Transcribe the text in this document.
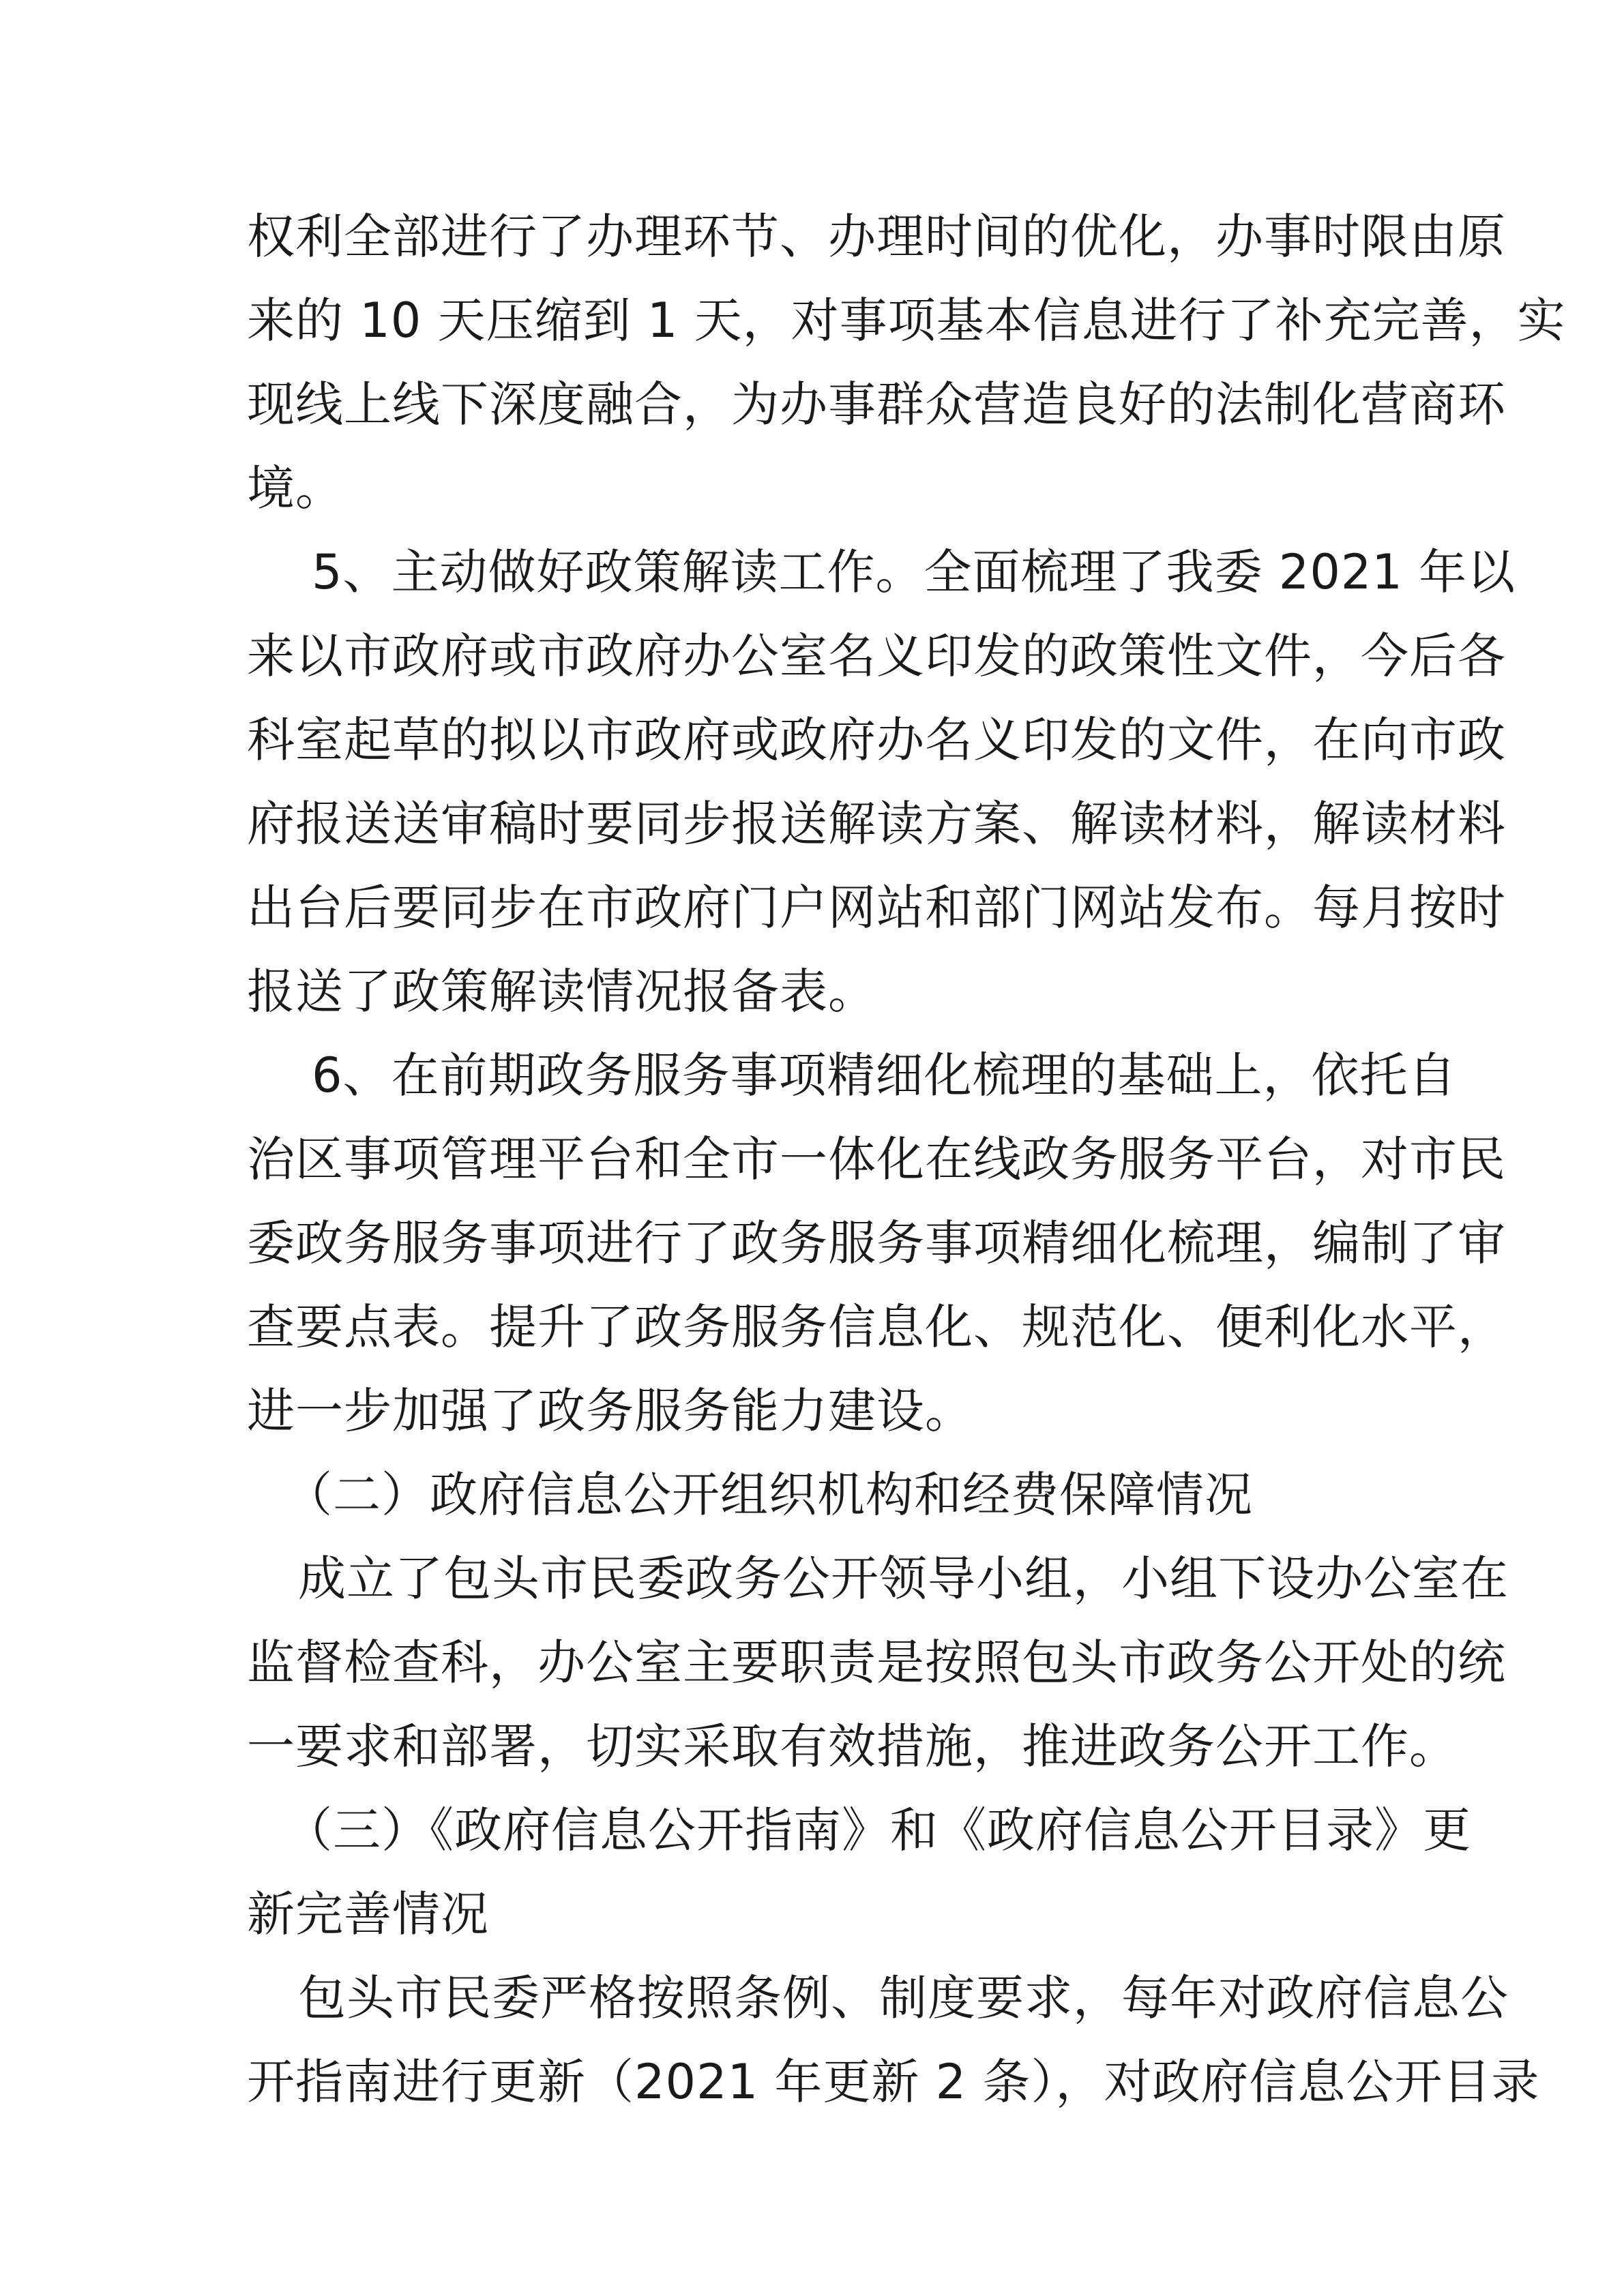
权利全部进行了办理环节、办理时间的优化，办事时限由原
来的 10 天压缩到 1 天，对事项基本信息进行了补充完善，实
现线上线下深度融合，为办事群众营造良好的法制化营商环
境。
5、主动做好政策解读工作。全面梳理了我委 2021 年以
来以市政府或市政府办公室名义印发的政策性文件，今后各
科室起草的拟以市政府或政府办名义印发的文件，在向市政
府报送送审稿时要同步报送解读方案、解读材料，解读材料
出台后要同步在市政府门户网站和部门网站发布。每月按时
报送了政策解读情况报备表。
6、在前期政务服务事项精细化梳理的基础上，依托自
治区事项管理平台和全市一体化在线政务服务平台，对市民
委政务服务事项进行了政务服务事项精细化梳理，编制了审
查要点表。提升了政务服务信息化、规范化、便利化水平，
进一步加强了政务服务能力建设。
（二）政府信息公开组织机构和经费保障情况
成立了包头市民委政务公开领导小组，小组下设办公室在
监督检查科，办公室主要职责是按照包头市政务公开处的统
一要求和部署，切实采取有效措施，推进政务公开工作。
（三）《政府信息公开指南》和《政府信息公开目录》更
新完善情况
包头市民委严格按照条例、制度要求，每年对政府信息公
开指南进行更新（2021 年更新 2 条），对政府信息公开目录
